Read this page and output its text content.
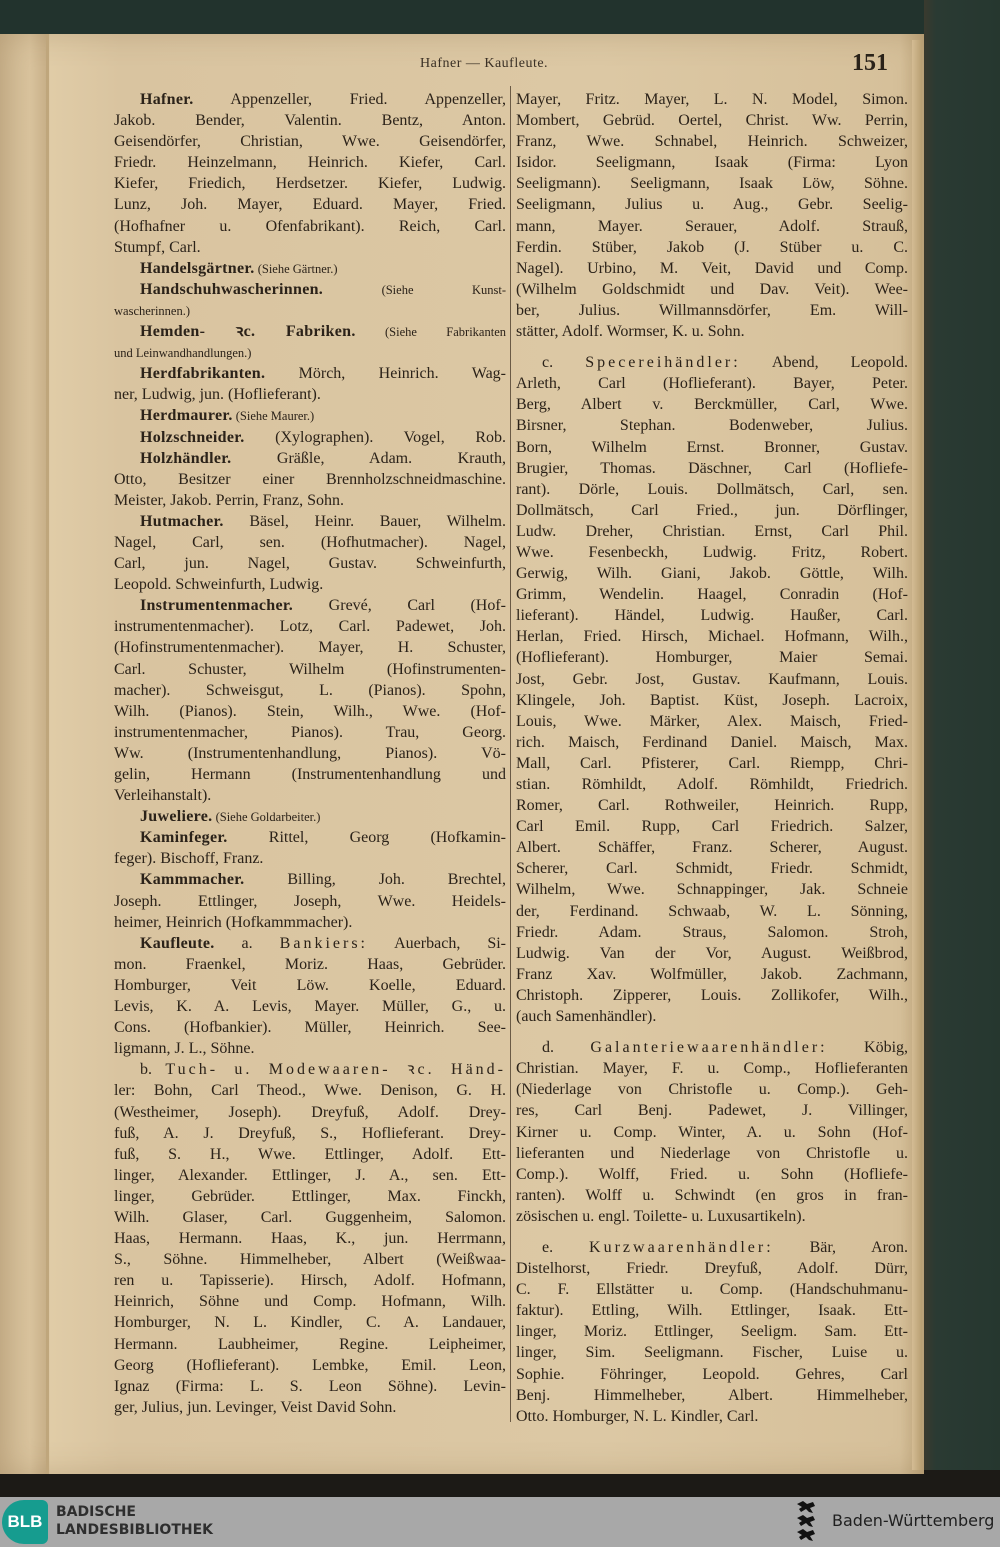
Hafner — Kaufleute.	151
Hafner. Appenzeller, Fried. Appenzeller,
Jakob. Bender, Valentin. Bentz, Anton.
Geisendörfer, Christian, Wwe. Geisendörfer,
Friedr. Heinzelmann, Heinrich. Kiefer, Carl.
Kiefer, Friedich, Herdsetzer. Kiefer, Ludwig.
Lunz, Joh. Mayer, Eduard. Mayer, Fried.
(Hofhafner u. Ofenfabrikant). Reich, Carl.
Stumpf, Carl.
Handelsgärtner. (Siehe Gärtner.)
Handschuhwascherinnen. (Siehe Kunst-
wascherinnen.)
Hemden- ꝛc. Fabriken. (Siehe Fabrikanten
und Leinwandhandlungen.)
Herdfabrikanten. Mörch, Heinrich. Wag-
ner, Ludwig, jun. (Hoflieferant).
Herdmaurer. (Siehe Maurer.)
Holzschneider. (Xylographen). Vogel, Rob.
Holzhändler. Gräßle, Adam. Krauth,
Otto, Besitzer einer Brennholzschneidmaschine.
Meister, Jakob. Perrin, Franz, Sohn.
Hutmacher. Bäsel, Heinr. Bauer, Wilhelm.
Nagel, Carl, sen. (Hofhutmacher). Nagel,
Carl, jun. Nagel, Gustav. Schweinfurth,
Leopold. Schweinfurth, Ludwig.
Instrumentenmacher. Grevé, Carl (Hof-
instrumentenmacher). Lotz, Carl. Padewet, Joh.
(Hofinstrumentenmacher). Mayer, H. Schuster,
Carl. Schuster, Wilhelm (Hofinstrumenten-
macher). Schweisgut, L. (Pianos). Spohn,
Wilh. (Pianos). Stein, Wilh., Wwe. (Hof-
instrumentenmacher, Pianos). Trau, Georg.
Ww. (Instrumentenhandlung, Pianos). Vö-
gelin, Hermann (Instrumentenhandlung und
Verleihanstalt).
Juweliere. (Siehe Goldarbeiter.)
Kaminfeger. Rittel, Georg (Hofkamin-
feger). Bischoff, Franz.
Kammmacher. Billing, Joh. Brechtel,
Joseph. Ettlinger, Joseph, Wwe. Heidels-
heimer, Heinrich (Hofkammmacher).
Kaufleute. a. Bankiers: Auerbach, Si-
mon. Fraenkel, Moriz. Haas, Gebrüder.
Homburger, Veit Löw. Koelle, Eduard.
Levis, K. A. Levis, Mayer. Müller, G., u.
Cons. (Hofbankier). Müller, Heinrich. See-
ligmann, J. L., Söhne.
b. Tuch- u. Modewaaren- ꝛc. Händ-
ler: Bohn, Carl Theod., Wwe. Denison, G. H.
(Westheimer, Joseph). Dreyfuß, Adolf. Drey-
fuß, A. J. Dreyfuß, S., Hoflieferant. Drey-
fuß, S. H., Wwe. Ettlinger, Adolf. Ett-
linger, Alexander. Ettlinger, J. A., sen. Ett-
linger, Gebrüder. Ettlinger, Max. Finckh,
Wilh. Glaser, Carl. Guggenheim, Salomon.
Haas, Hermann. Haas, K., jun. Herrmann,
S., Söhne. Himmelheber, Albert (Weißwaa-
ren u. Tapisserie). Hirsch, Adolf. Hofmann,
Heinrich, Söhne und Comp. Hofmann, Wilh.
Homburger, N. L. Kindler, C. A. Landauer,
Hermann. Laubheimer, Regine. Leipheimer,
Georg (Hoflieferant). Lembke, Emil. Leon,
Ignaz (Firma: L. S. Leon Söhne). Levin-
ger, Julius, jun. Levinger, Veist David Sohn.
Mayer, Fritz. Mayer, L. N. Model, Simon.
Mombert, Gebrüd. Oertel, Christ. Ww. Perrin,
Franz, Wwe. Schnabel, Heinrich. Schweizer,
Isidor. Seeligmann, Isaak (Firma: Lyon
Seeligmann). Seeligmann, Isaak Löw, Söhne.
Seeligmann, Julius u. Aug., Gebr. Seelig-
mann, Mayer. Serauer, Adolf. Strauß,
Ferdin. Stüber, Jakob (J. Stüber u. C.
Nagel). Urbino, M. Veit, David und Comp.
(Wilhelm Goldschmidt und Dav. Veit). Wee-
ber, Julius. Willmannsdörfer, Em. Will-
stätter, Adolf. Wormser, K. u. Sohn.
c. Specereihändler: Abend, Leopold.
Arleth, Carl (Hoflieferant). Bayer, Peter.
Berg, Albert v. Berckmüller, Carl, Wwe.
Birsner, Stephan. Bodenweber, Julius.
Born, Wilhelm Ernst. Bronner, Gustav.
Brugier, Thomas. Däschner, Carl (Hofliefe-
rant). Dörle, Louis. Dollmätsch, Carl, sen.
Dollmätsch, Carl Fried., jun. Dörflinger,
Ludw. Dreher, Christian. Ernst, Carl Phil.
Wwe. Fesenbeckh, Ludwig. Fritz, Robert.
Gerwig, Wilh. Giani, Jakob. Göttle, Wilh.
Grimm, Wendelin. Haagel, Conradin (Hof-
lieferant). Händel, Ludwig. Haußer, Carl.
Herlan, Fried. Hirsch, Michael. Hofmann, Wilh.,
(Hoflieferant). Homburger, Maier Semai.
Jost, Gebr. Jost, Gustav. Kaufmann, Louis.
Klingele, Joh. Baptist. Küst, Joseph. Lacroix,
Louis, Wwe. Märker, Alex. Maisch, Fried-
rich. Maisch, Ferdinand Daniel. Maisch, Max.
Mall, Carl. Pfisterer, Carl. Riempp, Chri-
stian. Römhildt, Adolf. Römhildt, Friedrich.
Romer, Carl. Rothweiler, Heinrich. Rupp,
Carl Emil. Rupp, Carl Friedrich. Salzer,
Albert. Schäffer, Franz. Scherer, August.
Scherer, Carl. Schmidt, Friedr. Schmidt,
Wilhelm, Wwe. Schnappinger, Jak. Schneie
der, Ferdinand. Schwaab, W. L. Sönning,
Friedr. Adam. Straus, Salomon. Stroh,
Ludwig. Van der Vor, August. Weißbrod,
Franz Xav. Wolfmüller, Jakob. Zachmann,
Christoph. Zipperer, Louis. Zollikofer, Wilh.,
(auch Samenhändler).
d. Galanteriewaarenhändler: Köbig,
Christian. Mayer, F. u. Comp., Hoflieferanten
(Niederlage von Christofle u. Comp.). Geh-
res, Carl Benj. Padewet, J. Villinger,
Kirner u. Comp. Winter, A. u. Sohn (Hof-
lieferanten und Niederlage von Christofle u.
Comp.). Wolff, Fried. u. Sohn (Hofliefe-
ranten). Wolff u. Schwindt (en gros in fran-
zösischen u. engl. Toilette- u. Luxusartikeln).
e. Kurzwaarenhändler: Bär, Aron.
Distelhorst, Friedr. Dreyfuß, Adolf. Dürr,
C. F. Ellstätter u. Comp. (Handschuhmanu-
faktur). Ettling, Wilh. Ettlinger, Isaak. Ett-
linger, Moriz. Ettlinger, Seeligm. Sam. Ett-
linger, Sim. Seeligmann. Fischer, Luise u.
Sophie. Föhringer, Leopold. Gehres, Carl
Benj. Himmelheber, Albert. Himmelheber,
Otto. Homburger, N. L. Kindler, Carl.
BLB BADISCHE
LANDESBIBLIOTHEK	Baden-Württemberg
